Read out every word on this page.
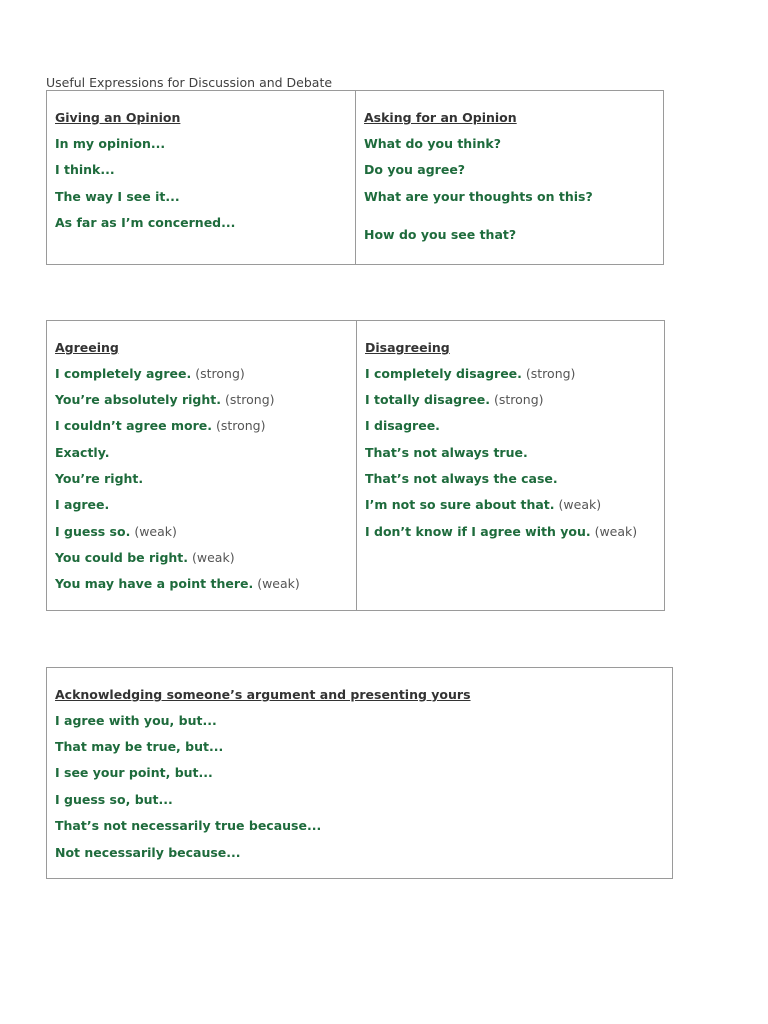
Useful Expressions for Discussion and Debate
Giving an Opinion
In my opinion...
I think...
The way I see it...
As far as I’m concerned...
Asking for an Opinion
What do you think?
Do you agree?
What are your thoughts on this?
How do you see that?
Agreeing
I completely agree. (strong)
You’re absolutely right. (strong)
I couldn’t agree more. (strong)
Exactly.
You’re right.
I agree.
I guess so. (weak)
You could be right. (weak)
You may have a point there. (weak)
Disagreeing
I completely disagree. (strong)
I totally disagree. (strong)
I disagree.
That’s not always true.
That’s not always the case.
I’m not so sure about that. (weak)
I don’t know if I agree with you. (weak)
Acknowledging someone’s argument and presenting yours
I agree with you, but...
That may be true, but...
I see your point, but...
I guess so, but...
That’s not necessarily true because...
Not necessarily because...
